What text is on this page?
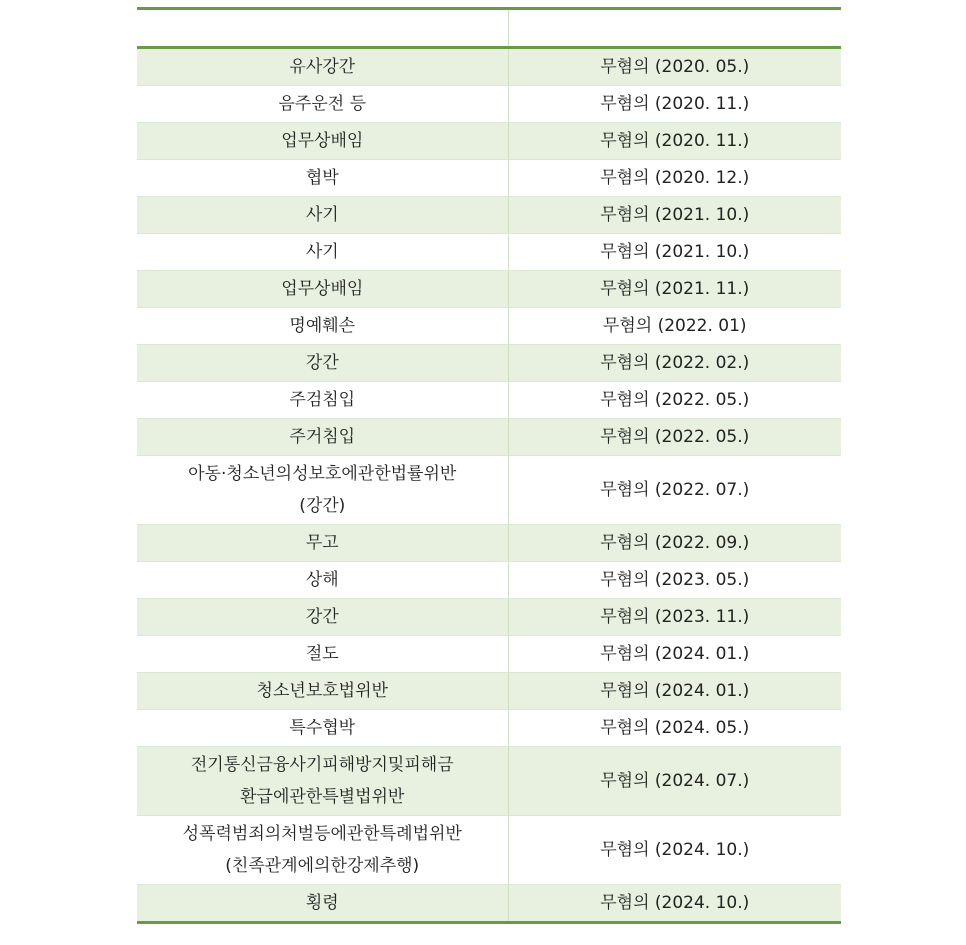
유사강간	무혐의 (2020. 05.)
음주운전 등	무혐의 (2020. 11.)
업무상배임	무혐의 (2020. 11.)
협박	무혐의 (2020. 12.)
사기	무혐의 (2021. 10.)
사기	무혐의 (2021. 10.)
업무상배임	무혐의 (2021. 11.)
명예훼손	무혐의 (2022. 01)
강간	무혐의 (2022. 02.)
주검침입	무혐의 (2022. 05.)
주거침입	무혐의 (2022. 05.)

아동·청소년의성보호에관한법률위반
(강간)	무혐의 (2022. 07.)
무고	무혐의 (2022. 09.)
상해	무혐의 (2023. 05.)
강간	무혐의 (2023. 11.)
절도	무혐의 (2024. 01.)
청소년보호법위반	무혐의 (2024. 01.)
특수협박	무혐의 (2024. 05.)

전기통신금융사기피해방지및피해금
환급에관한특별법위반	무혐의 (2024. 07.)

성폭력범죄의처벌등에관한특례법위반
(친족관계에의한강제추행)	무혐의 (2024. 10.)
횡령	무혐의 (2024. 10.)
